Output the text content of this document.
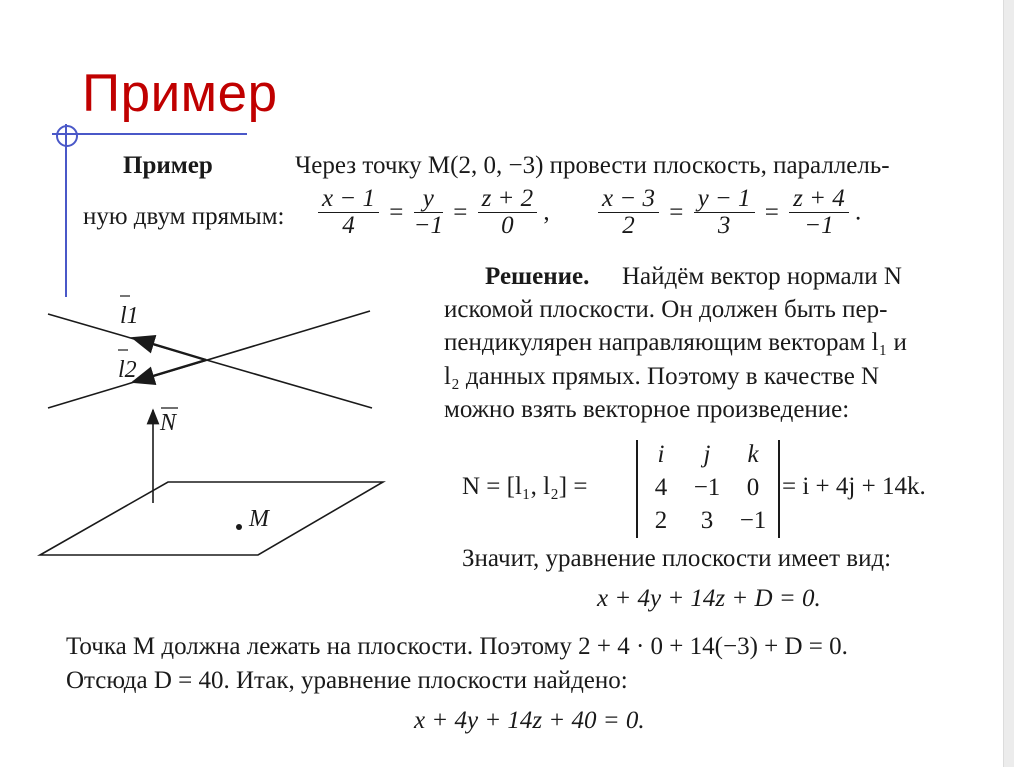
Пример
Пример	Через точку M(2, 0, −3) провести плоскость, параллель-
ную двум прямым: $\frac{x - 1}{4} = \frac{y}{-1} = \frac{z + 2}{0}$ , $\frac{x - 3}{2} = \frac{y - 1}{3} = \frac{z + 4}{-1}$ .
Решение. Найдём вектор нормали N
искомой плоскости. Он должен быть пер-
пендикулярен направляющим векторам l₁ и
l₂ данных прямых. Поэтому в качестве N
можно взять векторное произведение:
N = [l₁, l₂] =
i	j	k
4	−1	0
2	3	−1
= i + 4j + 14k.
Значит, уравнение плоскости имеет вид:
x + 4y + 14z + D = 0.
Точка M должна лежать на плоскости. Поэтому 2 + 4 · 0 + 14(−3) + D = 0.
Отсюда D = 40. Итак, уравнение плоскости найдено:
x + 4y + 14z + 40 = 0.
l1
l2
N
M
